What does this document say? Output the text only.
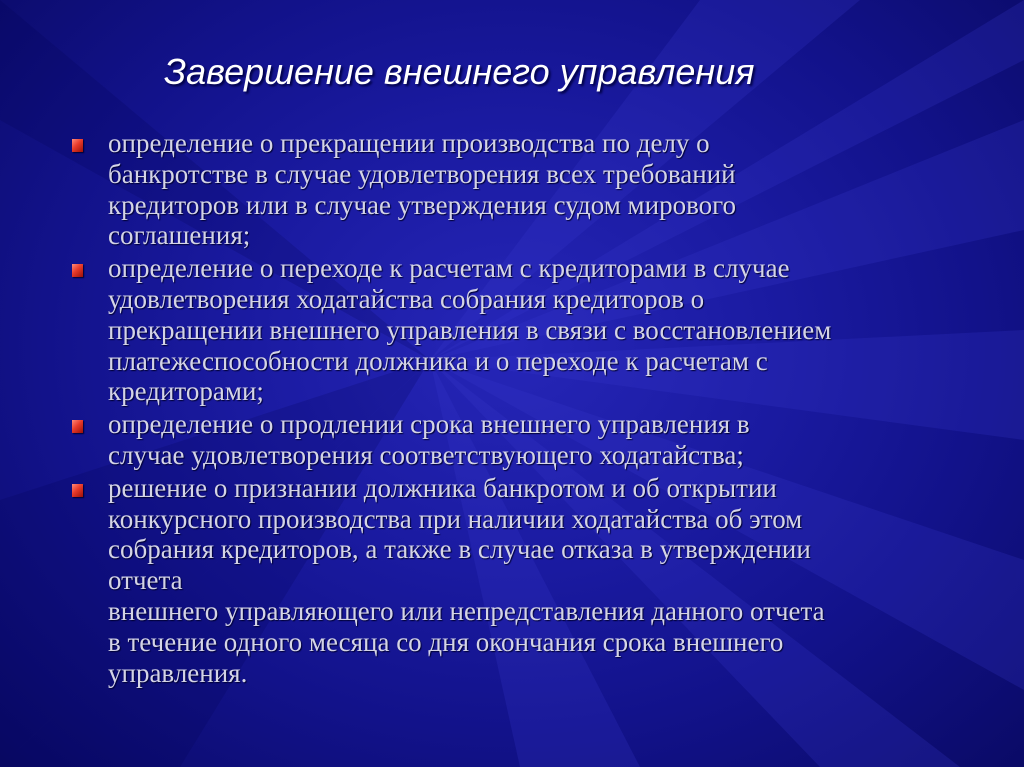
Завершение внешнего управления
определение о прекращении производства по делу о
банкротстве в случае удовлетворения всех требований
кредиторов или в случае утверждения судом мирового
соглашения;
определение о переходе к расчетам с кредиторами в случае
удовлетворения ходатайства собрания кредиторов о
прекращении внешнего управления в связи с восстановлением
платежеспособности должника и о переходе к расчетам с
кредиторами;
определение о продлении срока внешнего управления в
случае удовлетворения соответствующего ходатайства;
решение о признании должника банкротом и об открытии
конкурсного производства при наличии ходатайства об этом
собрания кредиторов, а также в случае отказа в утверждении
отчета
внешнего управляющего или непредставления данного отчета
в течение одного месяца со дня окончания срока внешнего
управления.
